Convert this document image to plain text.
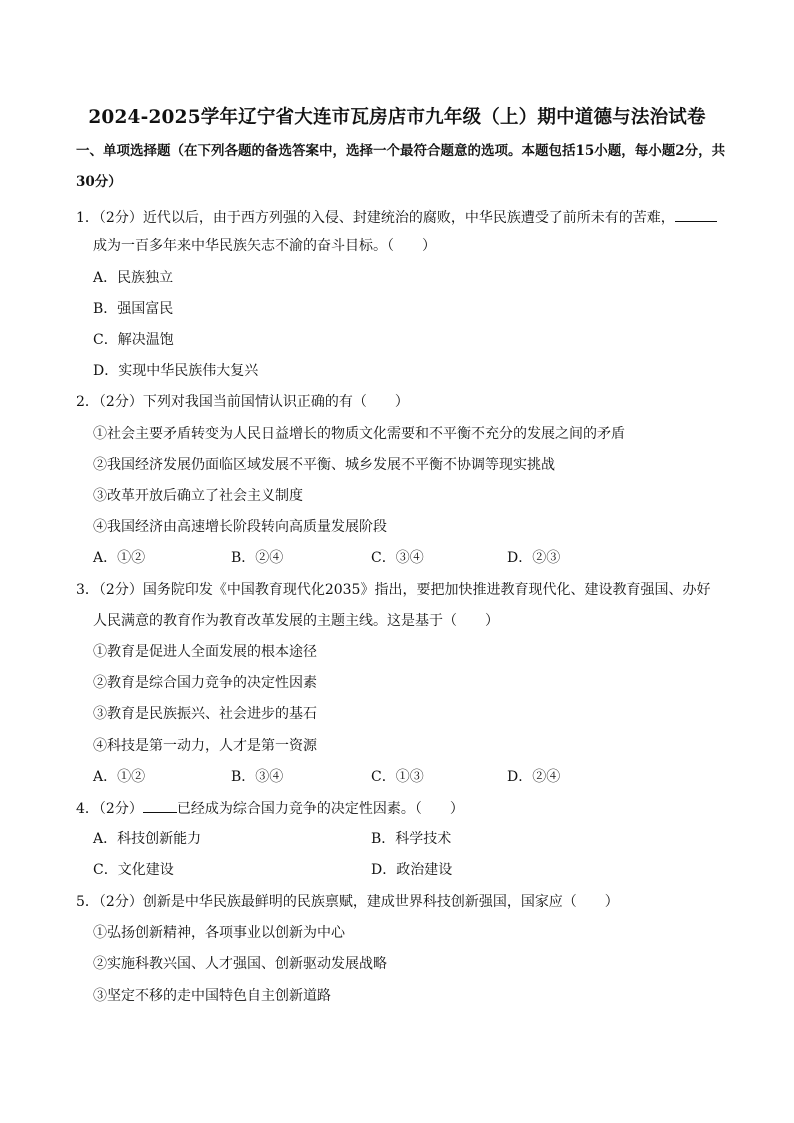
2024-2025学年辽宁省大连市瓦房店市九年级（上）期中道德与法治试卷
一、单项选择题（在下列各题的备选答案中，选择一个最符合题意的选项。本题包括15小题，每小题2分，共30分）
1．（2分）近代以后，由于西方列强的入侵、封建统治的腐败，中华民族遭受了前所未有的苦难，
成为一百多年来中华民族矢志不渝的奋斗目标。（　　）
A．民族独立
B．强国富民
C．解决温饱
D．实现中华民族伟大复兴
2．（2分）下列对我国当前国情认识正确的有（　　）
①社会主要矛盾转变为人民日益增长的物质文化需要和不平衡不充分的发展之间的矛盾
②我国经济发展仍面临区域发展不平衡、城乡发展不平衡不协调等现实挑战
③改革开放后确立了社会主义制度
④我国经济由高速增长阶段转向高质量发展阶段
A．①②	B．②④	C．③④	D．②③
3．（2分）国务院印发《中国教育现代化2035》指出，要把加快推进教育现代化、建设教育强国、办好
人民满意的教育作为教育改革发展的主题主线。这是基于（　　）
①教育是促进人全面发展的根本途径
②教育是综合国力竞争的决定性因素
③教育是民族振兴、社会进步的基石
④科技是第一动力，人才是第一资源
A．①②	B．③④	C．①③	D．②④
4．（2分） 已经成为综合国力竞争的决定性因素。（　　）
A．科技创新能力	B．科学技术
C．文化建设	D．政治建设
5．（2分）创新是中华民族最鲜明的民族禀赋，建成世界科技创新强国，国家应（　　）
①弘扬创新精神，各项事业以创新为中心
②实施科教兴国、人才强国、创新驱动发展战略
③坚定不移的走中国特色自主创新道路
